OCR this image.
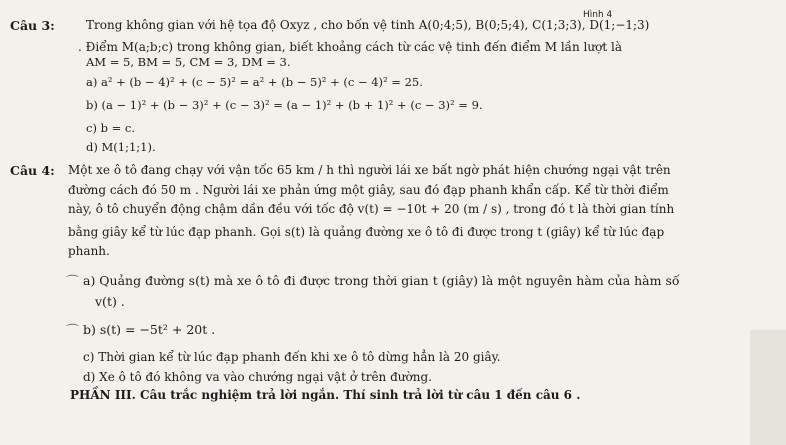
Hình 4
Câu 3:	Trong không gian với hệ tọa độ Oxyz , cho bốn vệ tinh A(0;4;5), B(0;5;4), C(1;3;3), D(1;−1;3)
. Điểm M(a;b;c) trong không gian, biết khoảng cách từ các vệ tinh đến điểm M lần lượt là
AM = 5, BM = 5, CM = 3, DM = 3.
a) a² + (b − 4)² + (c − 5)² = a² + (b − 5)² + (c − 4)² = 25.
b) (a − 1)² + (b − 3)² + (c − 3)² = (a − 1)² + (b + 1)² + (c − 3)² = 9.
c) b = c.
d) M(1;1;1).
Câu 4: Một xe ô tô đang chạy với vận tốc 65 km / h thì người lái xe bất ngờ phát hiện chướng ngại vật trên
đường cách đó 50 m . Người lái xe phản ứng một giây, sau đó đạp phanh khẩn cấp. Kể từ thời điểm
này, ô tô chuyển động chậm dần đều với tốc độ v(t) = −10t + 20 (m / s) , trong đó t là thời gian tính
bằng giây kể từ lúc đạp phanh. Gọi s(t) là quảng đường xe ô tô đi được trong t (giây) kể từ lúc đạp
phanh.
⌒ a) Quảng đường s(t) mà xe ô tô đi được trong thời gian t (giây) là một nguyên hàm của hàm số
v(t) .
⌒ b) s(t) = −5t² + 20t .
c) Thời gian kể từ lúc đạp phanh đến khi xe ô tô dừng hẳn là 20 giây.
d) Xe ô tô đó không va vào chướng ngại vật ở trên đường.
PHẦN III. Câu trắc nghiệm trả lời ngắn. Thí sinh trả lời từ câu 1 đến câu 6 .
